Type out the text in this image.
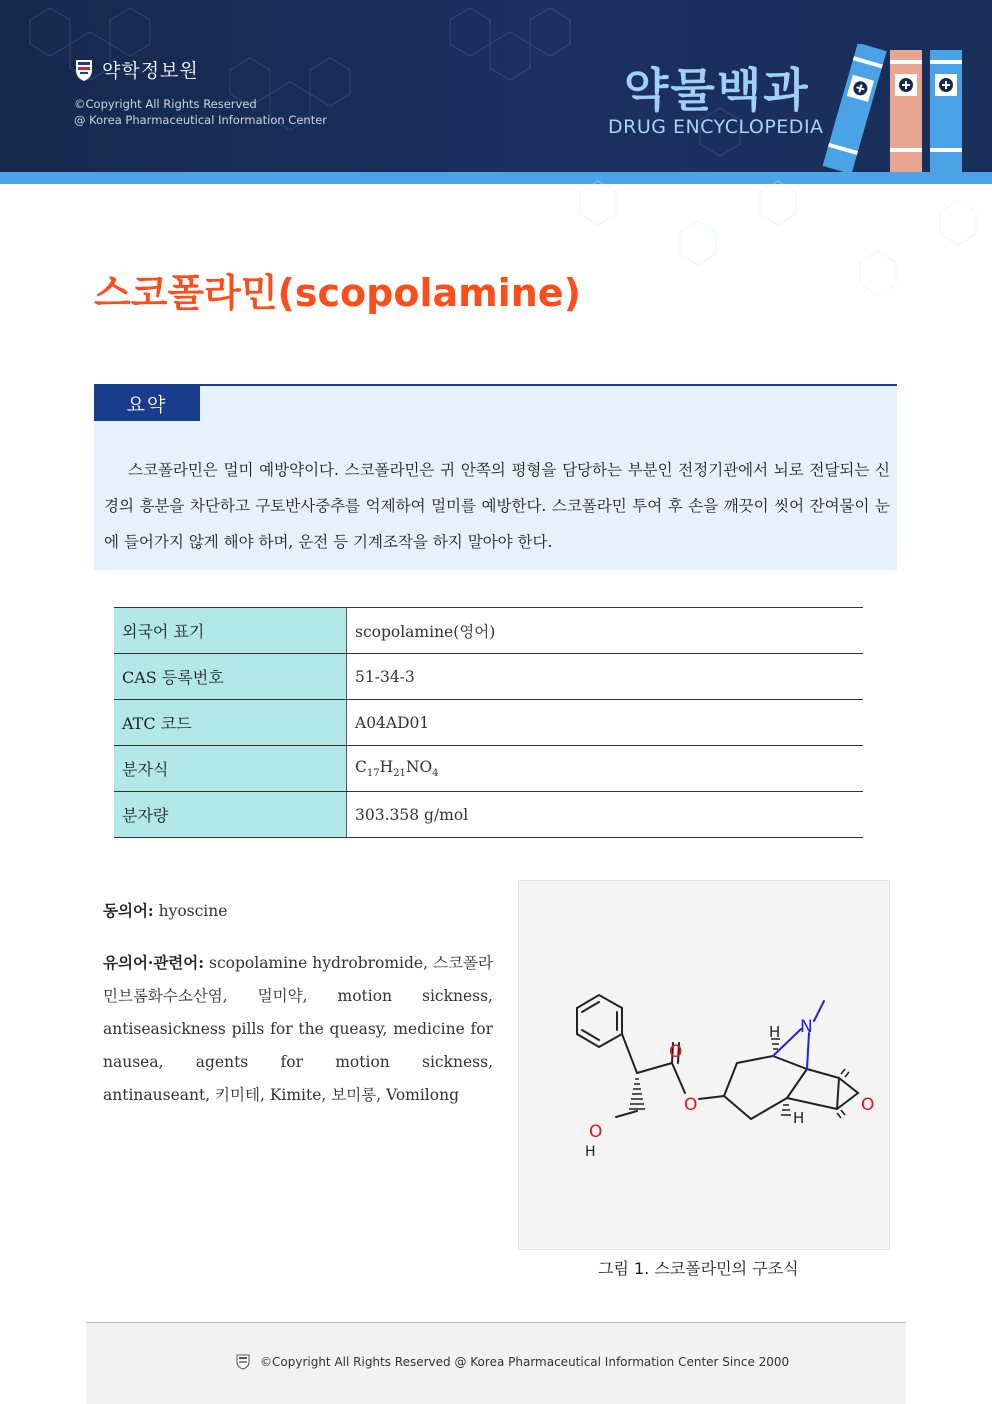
약학정보원
©Copyright All Rights Reserved
@ Korea Pharmaceutical Information Center
약물백과
DRUG ENCYCLOPEDIA
스코폴라민(scopolamine)
요약
스코폴라민은 멀미 예방약이다. 스코폴라민은 귀 안쪽의 평형을 담당하는 부분인 전정기관에서 뇌로 전달되는 신경의 흥분을 차단하고 구토반사중추를 억제하여 멀미를 예방한다. 스코폴라민 투여 후 손을 깨끗이 씻어 잔여물이 눈에 들어가지 않게 해야 하며, 운전 등 기계조작을 하지 말아야 한다.
외국어 표기	scopolamine(영어)
CAS 등록번호	51-34-3
ATC 코드	A04AD01
분자식	$C_{17}H_{21}NO_4$
분자량	303.358 g/mol
동의어: hyoscine
유의어·관련어: scopolamine hydrobromide, 스코폴라민브롬화수소산염, 멀미약, motion sickness, antiseasickness pills for the queasy, medicine for nausea, agents for motion sickness, antinauseant, 키미테, Kimite, 보미롱, Vomilong
O
O	O
O
H
N
H
H
그림 1. 스코폴라민의 구조식
©Copyright All Rights Reserved @ Korea Pharmaceutical Information Center Since 2000
